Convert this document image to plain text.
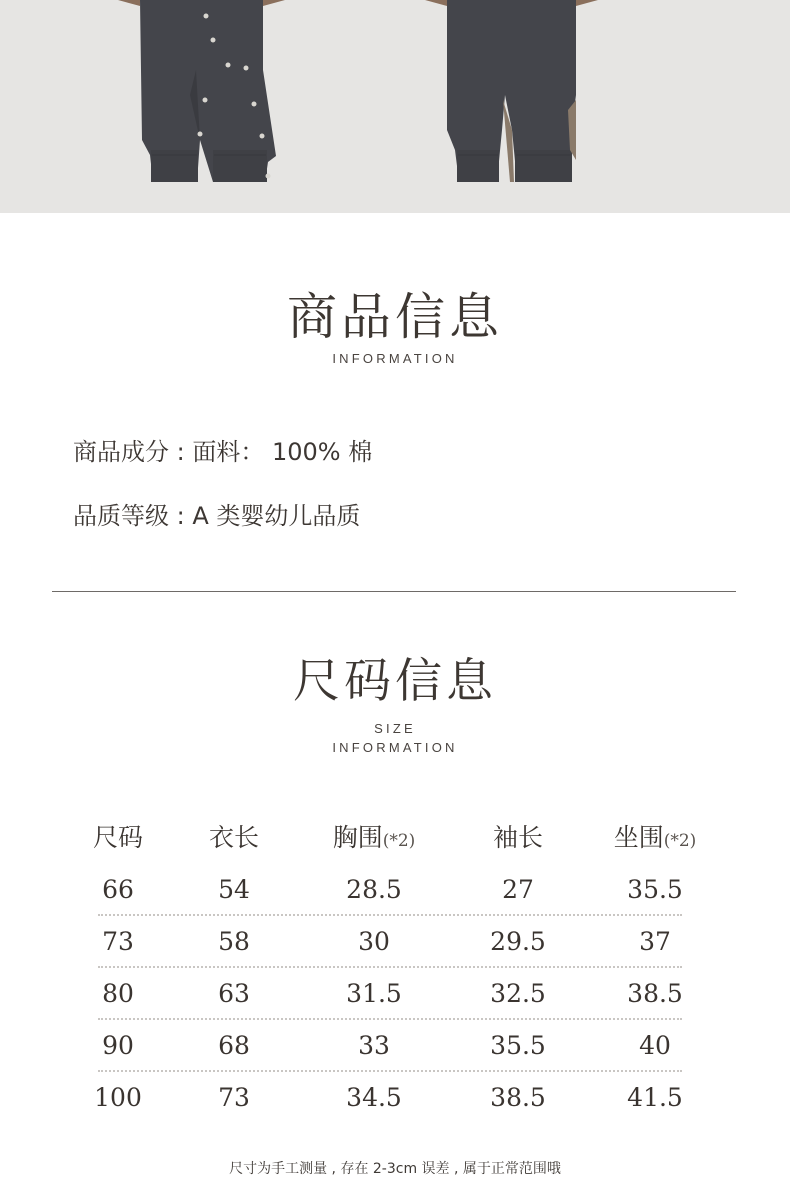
商品信息
INFORMATION
商品成分 : 面料： 100% 棉
品质等级 : A 类婴幼儿品质
尺码信息
SIZE
INFORMATION
尺码	衣长	胸围(*2)	袖长	坐围(*2)
66	54	28.5	27	35.5
73	58	30	29.5	37
80	63	31.5	32.5	38.5
90	68	33	35.5	40
100	73	34.5	38.5	41.5
尺寸为手工测量 , 存在 2-3cm 误差 , 属于正常范围哦
